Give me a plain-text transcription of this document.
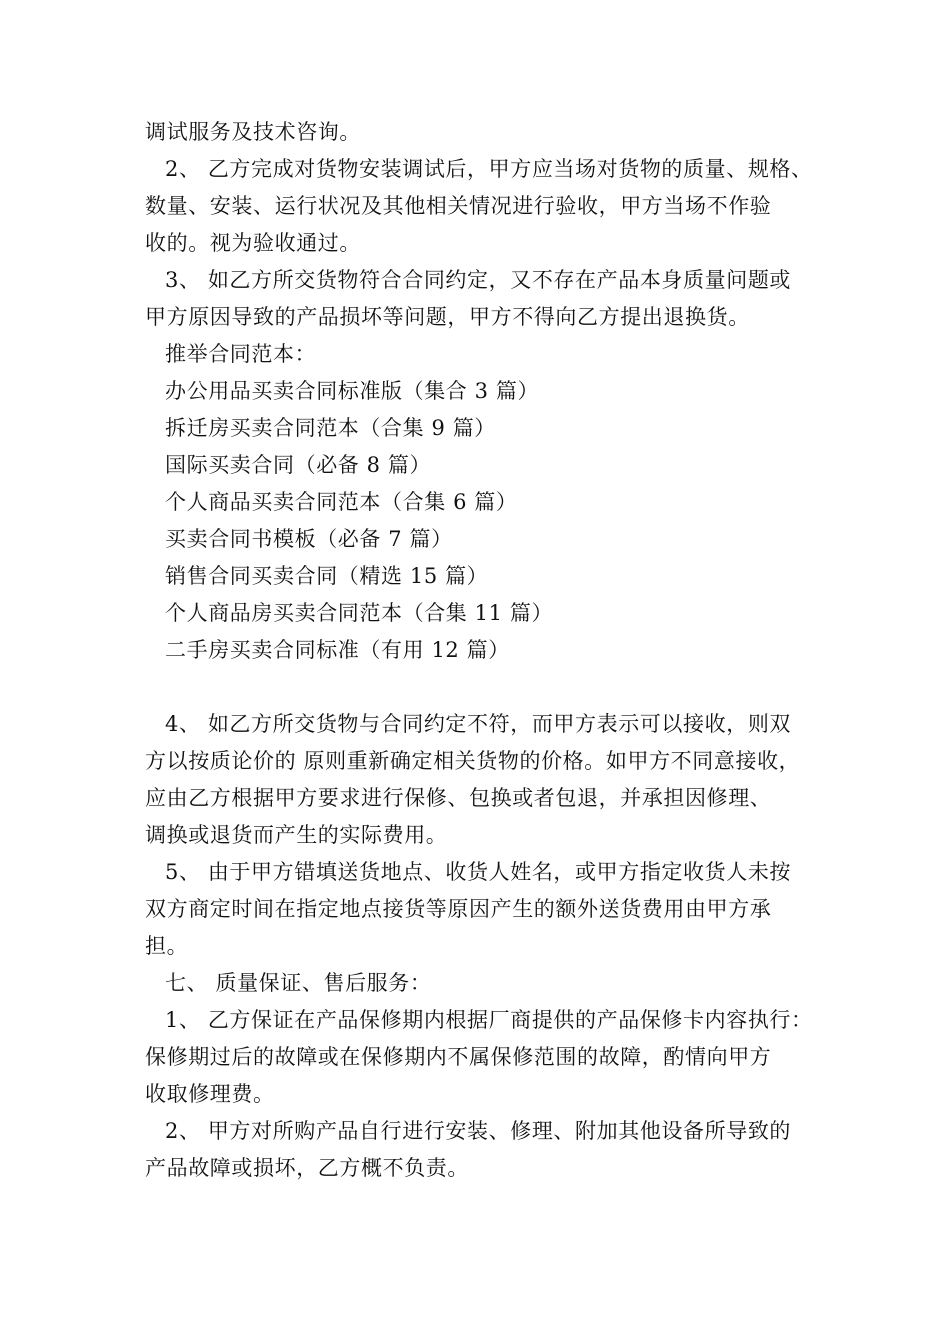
调试服务及技术咨询。
2、 乙方完成对货物安装调试后，甲方应当场对货物的质量、规格、
数量、安装、运行状况及其他相关情况进行验收，甲方当场不作验
收的。视为验收通过。
3、 如乙方所交货物符合合同约定，又不存在产品本身质量问题或
甲方原因导致的产品损坏等问题，甲方不得向乙方提出退换货。
推举合同范本：
办公用品买卖合同标准版（集合 3 篇）
拆迁房买卖合同范本（合集 9 篇）
国际买卖合同（必备 8 篇）
个人商品买卖合同范本（合集 6 篇）
买卖合同书模板（必备 7 篇）
销售合同买卖合同（精选 15 篇）
个人商品房买卖合同范本（合集 11 篇）
二手房买卖合同标准（有用 12 篇）
4、 如乙方所交货物与合同约定不符，而甲方表示可以接收，则双
方以按质论价的 原则重新确定相关货物的价格。如甲方不同意接收，
应由乙方根据甲方要求进行保修、包换或者包退，并承担因修理、
调换或退货而产生的实际费用。
5、 由于甲方错填送货地点、收货人姓名，或甲方指定收货人未按
双方商定时间在指定地点接货等原因产生的额外送货费用由甲方承
担。
七、 质量保证、售后服务：
1、 乙方保证在产品保修期内根据厂商提供的产品保修卡内容执行：
保修期过后的故障或在保修期内不属保修范围的故障，酌情向甲方
收取修理费。
2、 甲方对所购产品自行进行安装、修理、附加其他设备所导致的
产品故障或损坏，乙方概不负责。
